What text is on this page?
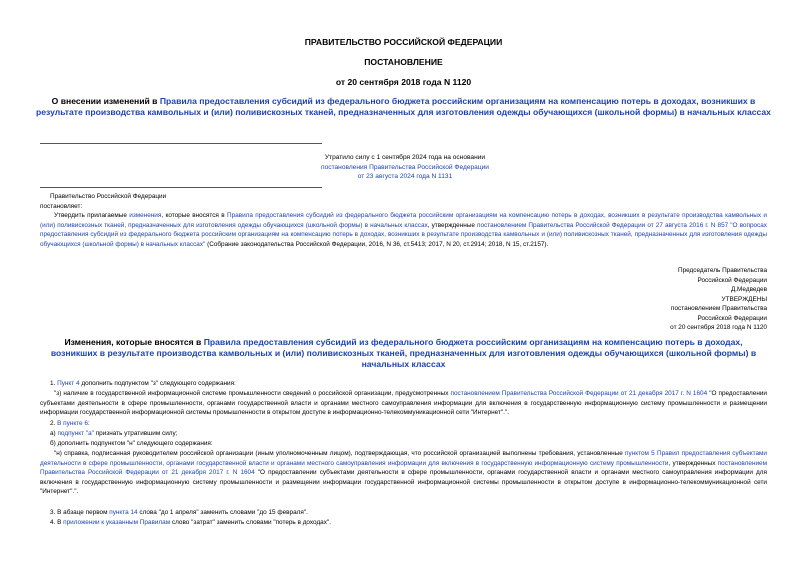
ПРАВИТЕЛЬСТВО РОССИЙСКОЙ ФЕДЕРАЦИИ
ПОСТАНОВЛЕНИЕ
от 20 сентября 2018 года N 1120
О внесении изменений в Правила предоставления субсидий из федерального бюджета российским организациям на компенсацию потерь в доходах, возникших в результате производства камвольных и (или) поливискозных тканей, предназначенных для изготовления одежды обучающихся (школьной формы) в начальных классах
Утратило силу с 1 сентября 2024 года на основании
постановления Правительства Российской Федерации
от 23 августа 2024 года N 1131
Правительство Российской Федерации
постановляет:
Утвердить прилагаемые изменения, которые вносятся в Правила предоставления субсидий из федерального бюджета российским организациям на компенсацию потерь в доходах, возникших в результате производства камвольных и (или) поливискозных тканей, предназначенных для изготовления одежды обучающихся (школьной формы) в начальных классах, утвержденные постановлением Правительства Российской Федерации от 27 августа 2016 г. N 857 "О вопросах предоставления субсидий из федерального бюджета российским организациям на компенсацию потерь в доходах, возникших в результате производства камвольных и (или) поливискозных тканей, предназначенных для изготовления одежды обучающихся (школьной формы) в начальных классах" (Собрание законодательства Российской Федерации, 2016, N 36, ст.5413; 2017, N 20, ст.2914; 2018, N 15, ст.2157).
Председатель Правительства
Российской Федерации
Д.Медведев
УТВЕРЖДЕНЫ
постановлением Правительства
Российской Федерации
от 20 сентября 2018 года N 1120
Изменения, которые вносятся в Правила предоставления субсидий из федерального бюджета российским организациям на компенсацию потерь в доходах, возникших в результате производства камвольных и (или) поливискозных тканей, предназначенных для изготовления одежды обучающихся (школьной формы) в начальных классах
1. Пункт 4 дополнить подпунктом "з" следующего содержания:
"з) наличие в государственной информационной системе промышленности сведений о российской организации, предусмотренных постановлением Правительства Российской Федерации от 21 декабря 2017 г. N 1604 "О предоставлении субъектами деятельности в сфере промышленности, органами государственной власти и органами местного самоуправления информации для включения в государственную информационную систему промышленности и размещении информации государственной информационной системы промышленности в открытом доступе в информационно-телекоммуникационной сети "Интернет".".
2. В пункте 6:
а) подпункт "а" признать утратившим силу;
б) дополнить подпунктом "н" следующего содержания:
"н) справка, подписанная руководителем российской организации (иным уполномоченным лицом), подтверждающая, что российской организацией выполнены требования, установленные пунктом 5 Правил предоставления субъектами деятельности в сфере промышленности, органами государственной власти и органами местного самоуправления информации для включения в государственную информационную систему промышленности, утвержденных постановлением Правительства Российской Федерации от 21 декабря 2017 г. N 1604 "О предоставлении субъектами деятельности в сфере промышленности, органами государственной власти и органами местного самоуправления информации для включения в государственную информационную систему промышленности и размещении информации государственной информационной системы промышленности в открытом доступе в информационно-телекоммуникационной сети "Интернет".".
3. В абзаце первом пункта 14 слова "до 1 апреля" заменить словами "до 15 февраля".
4. В приложении к указанным Правилам слово "затрат" заменить словами "потерь в доходах".
